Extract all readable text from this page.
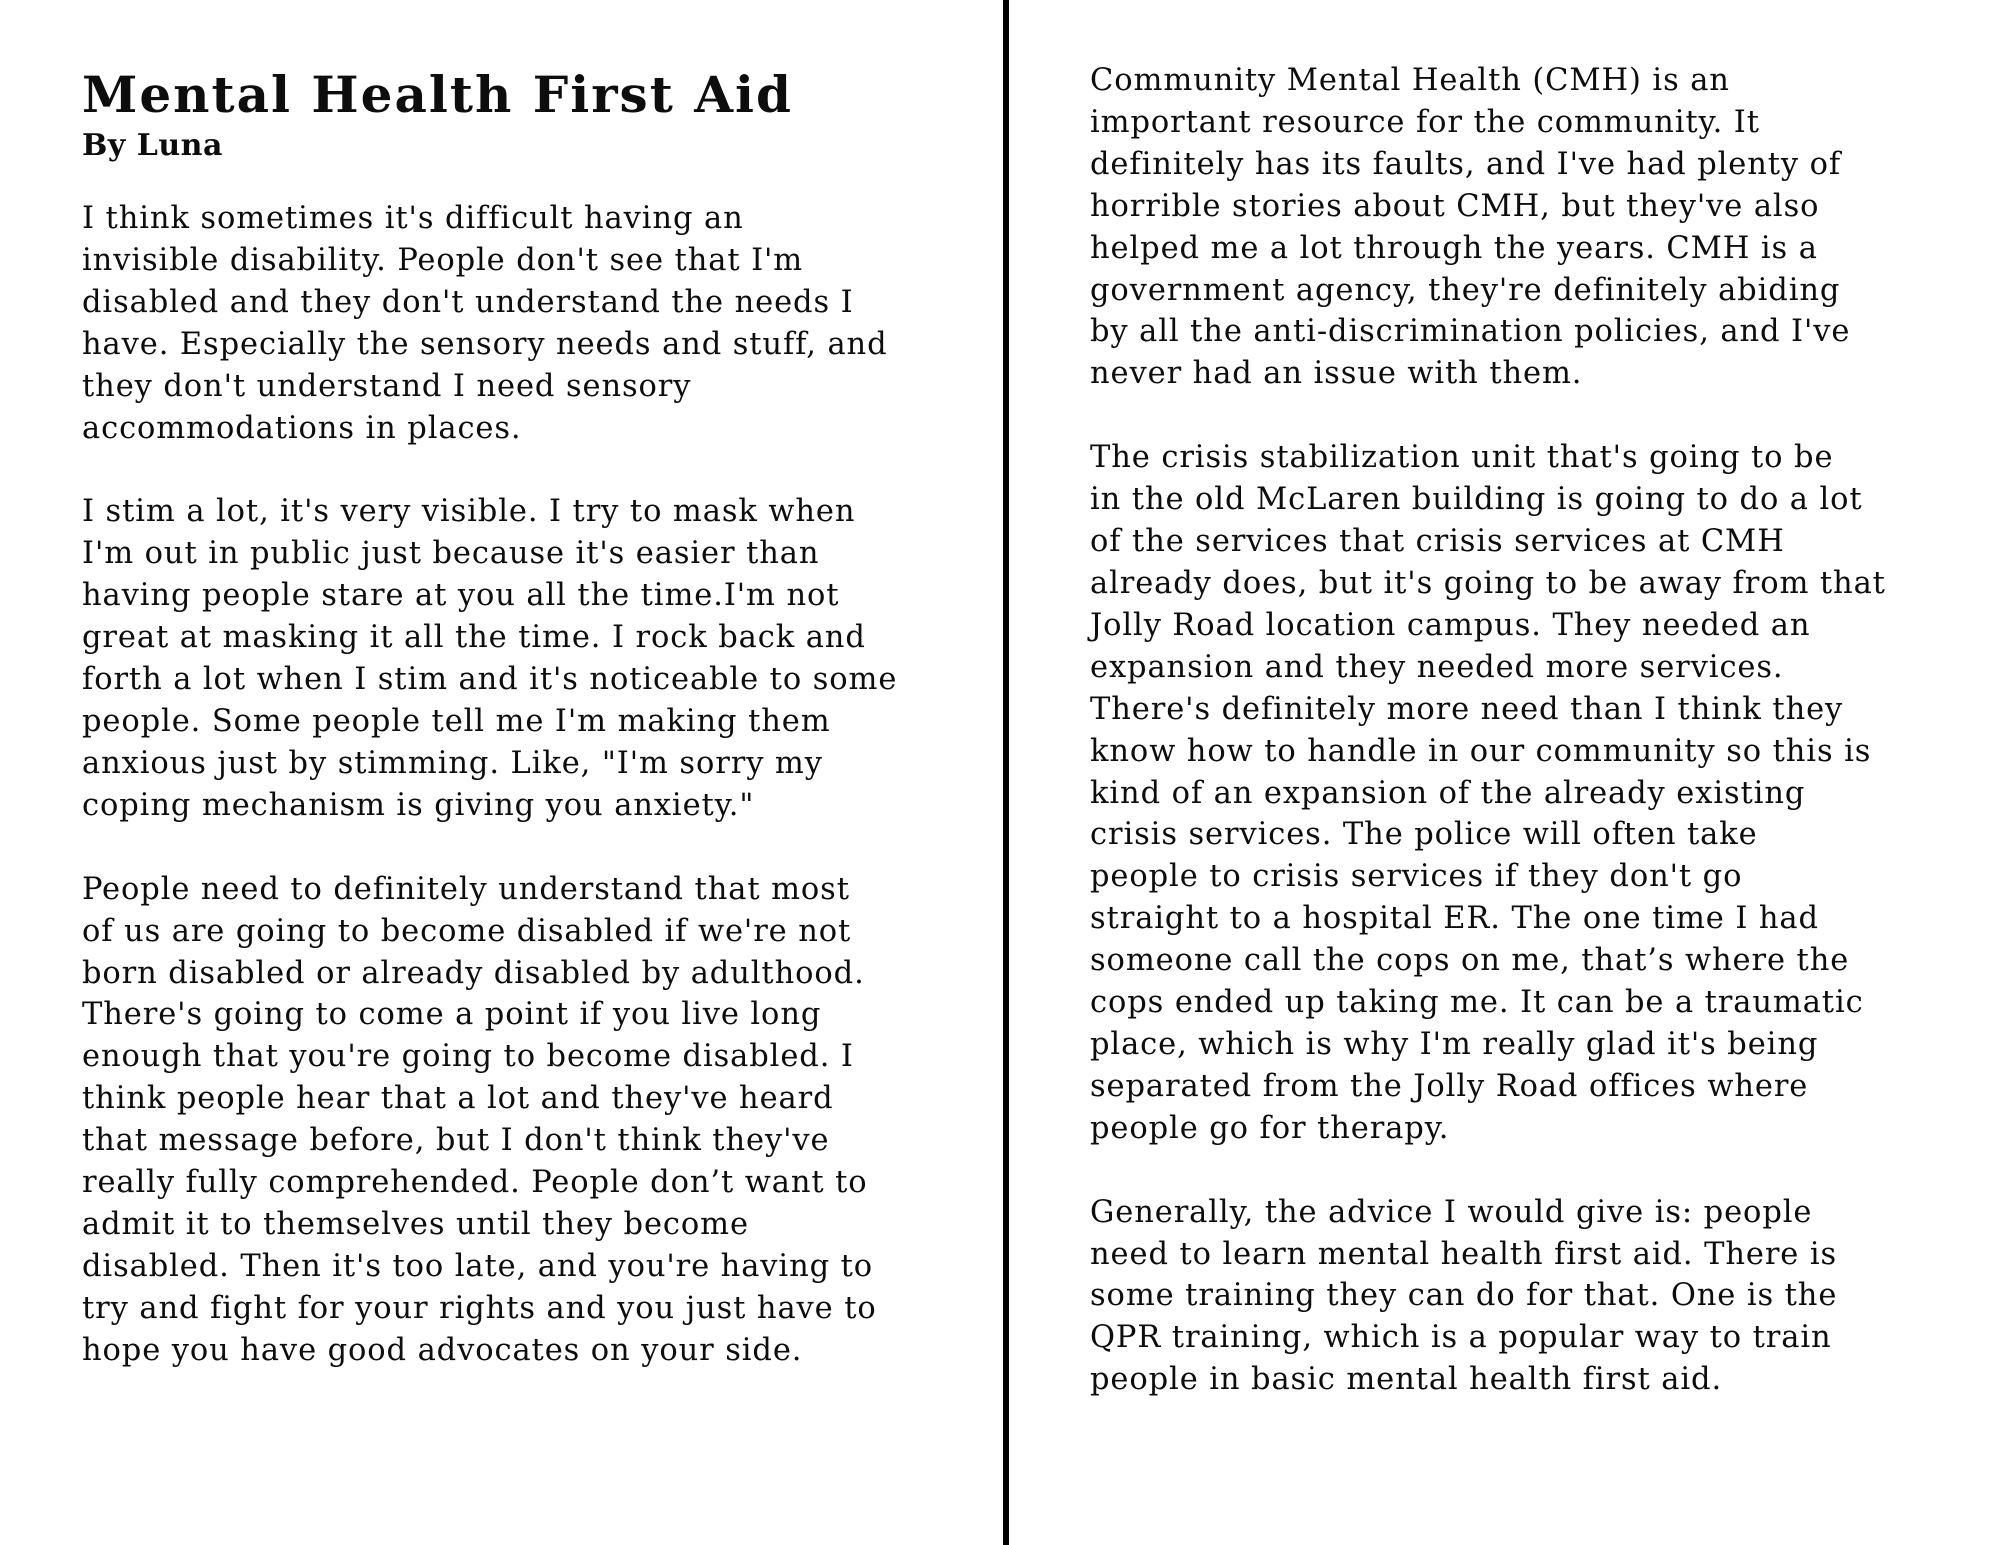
Mental Health First Aid
By Luna

I think sometimes it's difficult having an
invisible disability. People don't see that I'm
disabled and they don't understand the needs I
have. Especially the sensory needs and stuff, and
they don't understand I need sensory
accommodations in places.

I stim a lot, it's very visible. I try to mask when
I'm out in public just because it's easier than
having people stare at you all the time.I'm not
great at masking it all the time. I rock back and
forth a lot when I stim and it's noticeable to some
people. Some people tell me I'm making them
anxious just by stimming. Like, "I'm sorry my
coping mechanism is giving you anxiety."

People need to definitely understand that most
of us are going to become disabled if we're not
born disabled or already disabled by adulthood.
There's going to come a point if you live long
enough that you're going to become disabled. I
think people hear that a lot and they've heard
that message before, but I don't think they've
really fully comprehended. People don’t want to
admit it to themselves until they become
disabled. Then it's too late, and you're having to
try and fight for your rights and you just have to
hope you have good advocates on your side.

Community Mental Health (CMH) is an
important resource for the community. It
definitely has its faults, and I've had plenty of
horrible stories about CMH, but they've also
helped me a lot through the years. CMH is a
government agency, they're definitely abiding
by all the anti-discrimination policies, and I've
never had an issue with them.

The crisis stabilization unit that's going to be
in the old McLaren building is going to do a lot
of the services that crisis services at CMH
already does, but it's going to be away from that
Jolly Road location campus. They needed an
expansion and they needed more services.
There's definitely more need than I think they
know how to handle in our community so this is
kind of an expansion of the already existing
crisis services. The police will often take
people to crisis services if they don't go
straight to a hospital ER. The one time I had
someone call the cops on me, that’s where the
cops ended up taking me. It can be a traumatic
place, which is why I'm really glad it's being
separated from the Jolly Road offices where
people go for therapy.

Generally, the advice I would give is: people
need to learn mental health first aid. There is
some training they can do for that. One is the
QPR training, which is a popular way to train
people in basic mental health first aid.
